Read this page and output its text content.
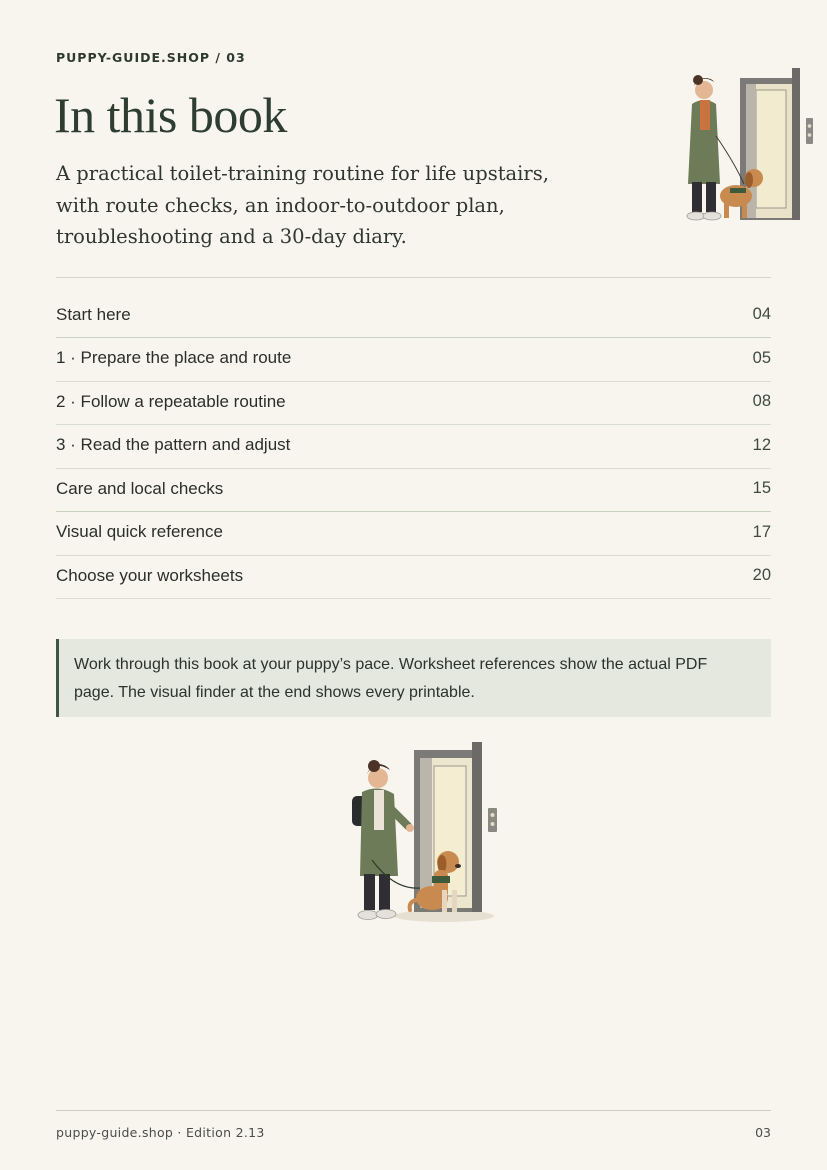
PUPPY-GUIDE.SHOP / 03
In this book

A practical toilet-training routine for life upstairs, with route checks, an indoor-to-outdoor plan, troubleshooting and a 30-day diary.

Start here	04
1 · Prepare the place and route	05
2 · Follow a repeatable routine	08
3 · Read the pattern and adjust	12
Care and local checks	15
Visual quick reference	17
Choose your worksheets	20
Work through this book at your puppy’s pace. Worksheet references show the actual PDF page. The visual finder at the end shows every printable.
puppy-guide.shop · Edition 2.13	03
